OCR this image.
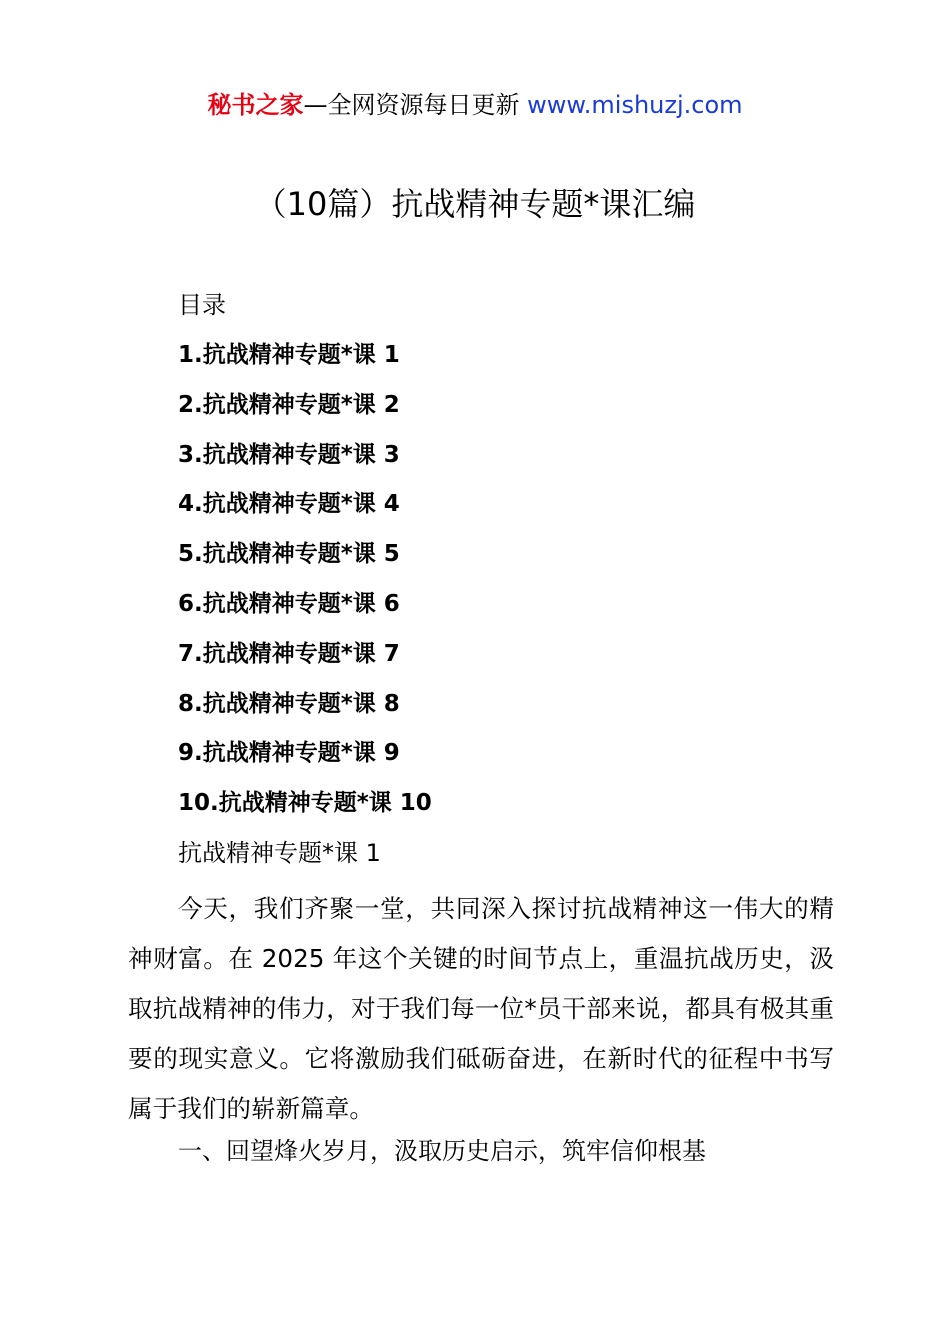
秘书之家—全网资源每日更新 www.mishuzj.com
（10篇）抗战精神专题*课汇编
目录
1.抗战精神专题*课 1
2.抗战精神专题*课 2
3.抗战精神专题*课 3
4.抗战精神专题*课 4
5.抗战精神专题*课 5
6.抗战精神专题*课 6
7.抗战精神专题*课 7
8.抗战精神专题*课 8
9.抗战精神专题*课 9
10.抗战精神专题*课 10
抗战精神专题*课 1

今天，我们齐聚一堂，共同深入探讨抗战精神这一伟大的精神财富。在 2025 年这个关键的时间节点上，重温抗战历史，汲取抗战精神的伟力，对于我们每一位*员干部来说，都具有极其重要的现实意义。它将激励我们砥砺奋进，在新时代的征程中书写属于我们的崭新篇章。

一、回望烽火岁月，汲取历史启示，筑牢信仰根基
